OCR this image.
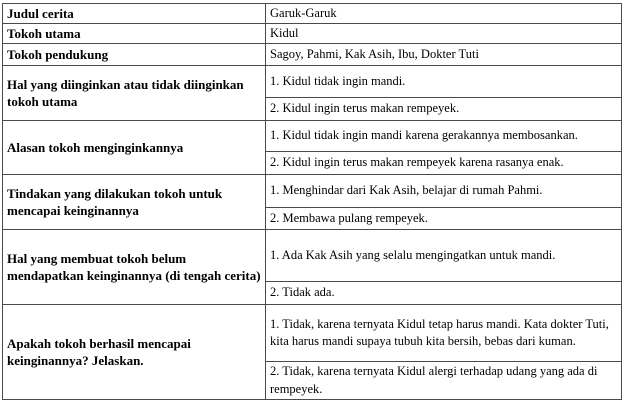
Judul cerita	Garuk-Garuk
Tokoh utama	Kidul
Tokoh pendukung	Sagoy, Pahmi, Kak Asih, Ibu, Dokter Tuti
Hal yang diinginkan atau tidak diinginkan tokoh utama	1. Kidul tidak ingin mandi.
	2. Kidul ingin terus makan rempeyek.
Alasan tokoh menginginkannya	1. Kidul tidak ingin mandi karena gerakannya membosankan.
	2. Kidul ingin terus makan rempeyek karena rasanya enak.
Tindakan yang dilakukan tokoh untuk mencapai keinginannya	1. Menghindar dari Kak Asih, belajar di rumah Pahmi.
	2. Membawa pulang rempeyek.
Hal yang membuat tokoh belum mendapatkan keinginannya (di tengah cerita)	1. Ada Kak Asih yang selalu mengingatkan untuk mandi.
	2. Tidak ada.
Apakah tokoh berhasil mencapai keinginannya? Jelaskan.	1. Tidak, karena ternyata Kidul tetap harus mandi. Kata dokter Tuti, kita harus mandi supaya tubuh kita bersih, bebas dari kuman.
	2. Tidak, karena ternyata Kidul alergi terhadap udang yang ada di rempeyek.
